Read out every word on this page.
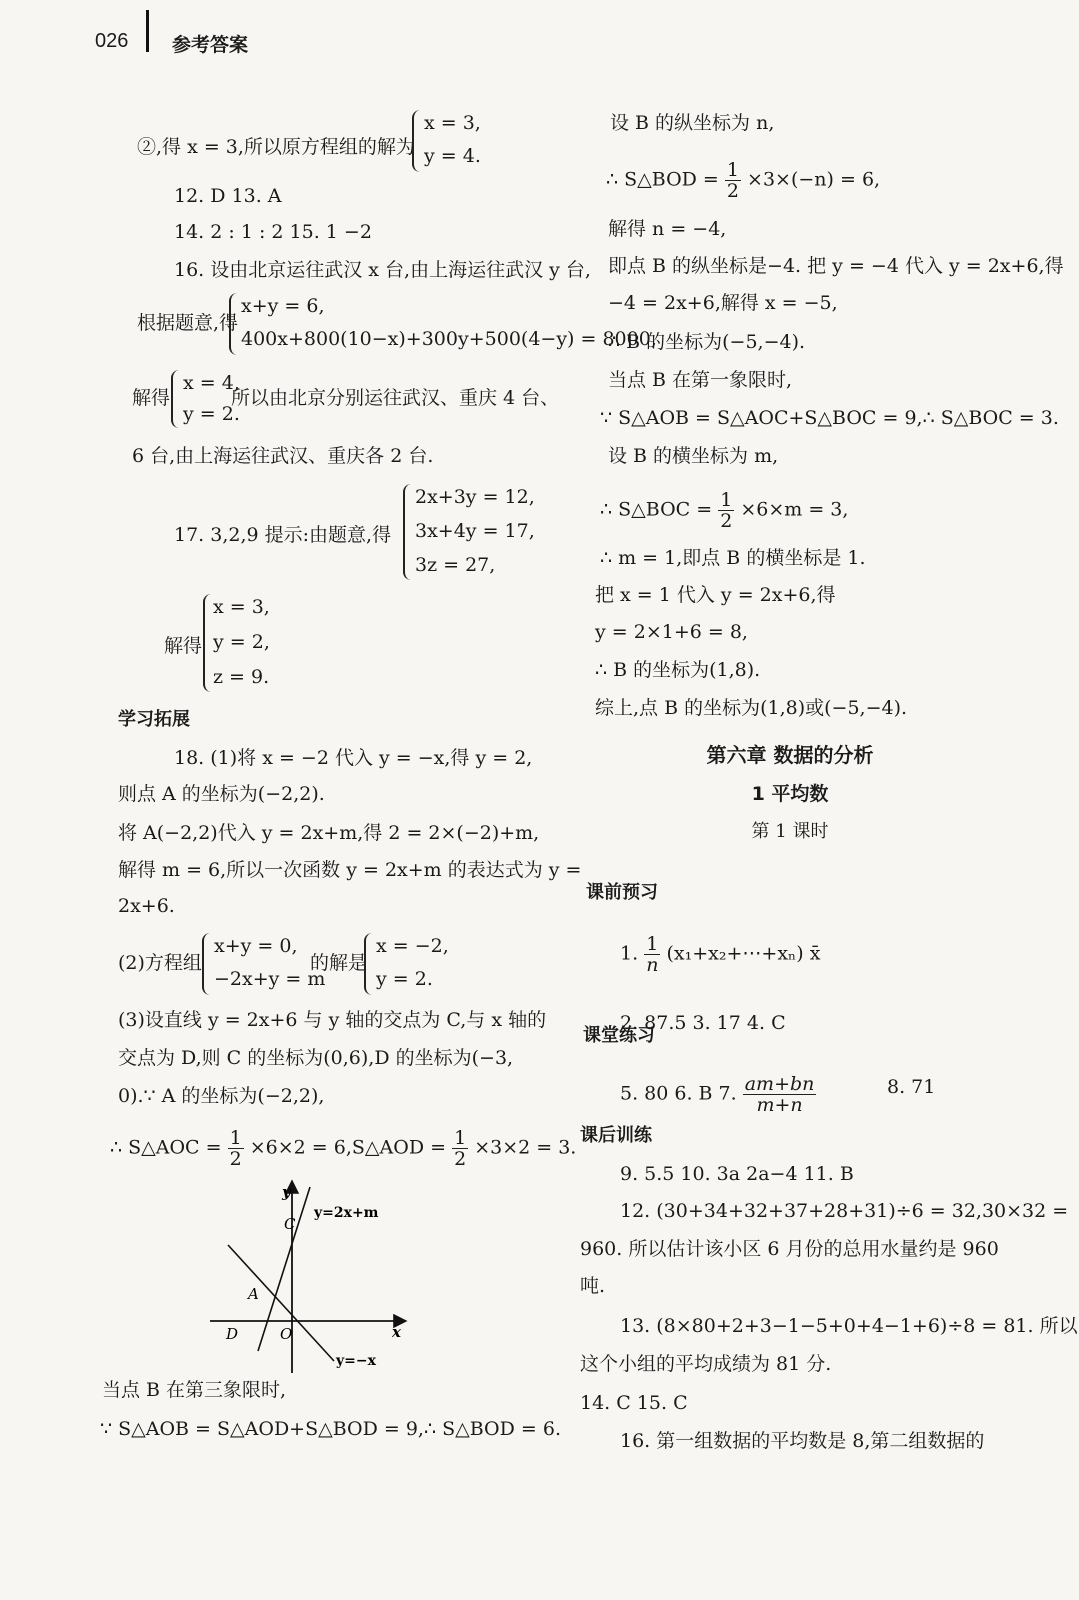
026 参考答案
②,得 x = 3,所以原方程组的解为
x = 3,
y = 4.
12. D 13. A
14. 2 : 1 : 2 15. 1 −2
16. 设由北京运往武汉 x 台,由上海运往武汉 y 台,
根据题意,得
x+y = 6,
400x+800(10−x)+300y+500(4−y) = 8000,
解得
x = 4,
y = 2.
所以由北京分别运往武汉、重庆 4 台、
6 台,由上海运往武汉、重庆各 2 台.
17. 3,2,9 提示:由题意,得
2x+3y = 12,
3x+4y = 17,
3z = 27,
解得
x = 3,
y = 2,
z = 9.
学习拓展
18. (1)将 x = −2 代入 y = −x,得 y = 2,
则点 A 的坐标为(−2,2).
将 A(−2,2)代入 y = 2x+m,得 2 = 2×(−2)+m,
解得 m = 6,所以一次函数 y = 2x+m 的表达式为 y =
2x+6.
(2)方程组
x+y = 0,
−2x+y = m
的解是
x = −2,
y = 2.
(3)设直线 y = 2x+6 与 y 轴的交点为 C,与 x 轴的
交点为 D,则 C 的坐标为(0,6),D 的坐标为(−3,
0).∵ A 的坐标为(−2,2),
∴ S△AOC = $\frac{1}{2} \times 6\times 2$ = 6,S△AOD = $\frac{1}{2} \times 3\times 2 = 3$.
y
x
O
C
A
D
y=2x+m
y=−x
当点 B 在第三象限时,
∵ S△AOB = S△AOD+S△BOD = 9,∴ S△BOD = 6.
设 B 的纵坐标为 n,
∴ S△BOD = $\frac{1}{2} \times 3\times(-n) = 6$,
解得 n = −4,
即点 B 的纵坐标是−4. 把 y = −4 代入 y = 2x+6,得
−4 = 2x+6,解得 x = −5,
∴ B 的坐标为(−5,−4).
当点 B 在第一象限时,
∵ S△AOB = S△AOC+S△BOC = 9,∴ S△BOC = 3.
设 B 的横坐标为 m,
∴ S△BOC = $\frac{1}{2} \times 6\times m = 3$,
∴ m = 1,即点 B 的横坐标是 1.
把 x = 1 代入 y = 2x+6,得
y = 2×1+6 = 8,
∴ B 的坐标为(1,8).
综上,点 B 的坐标为(1,8)或(−5,−4).
第六章 数据的分析
1 平均数
第 1 课时
课前预习
1. $\frac{1}{n}$ (x₁+x₂+⋯+xₙ) x̄
2. 87.5 3. 17 4. C
课堂练习
5. 80 6. B 7. $\frac{am+bn}{m+n}$	8. 71
课后训练
9. 5.5 10. 3a 2a−4 11. B
12. (30+34+32+37+28+31)÷6 = 32,30×32 =
960. 所以估计该小区 6 月份的总用水量约是 960
吨.
13. (8×80+2+3−1−5+0+4−1+6)÷8 = 81. 所以
这个小组的平均成绩为 81 分.
14. C 15. C
16. 第一组数据的平均数是 8,第二组数据的
